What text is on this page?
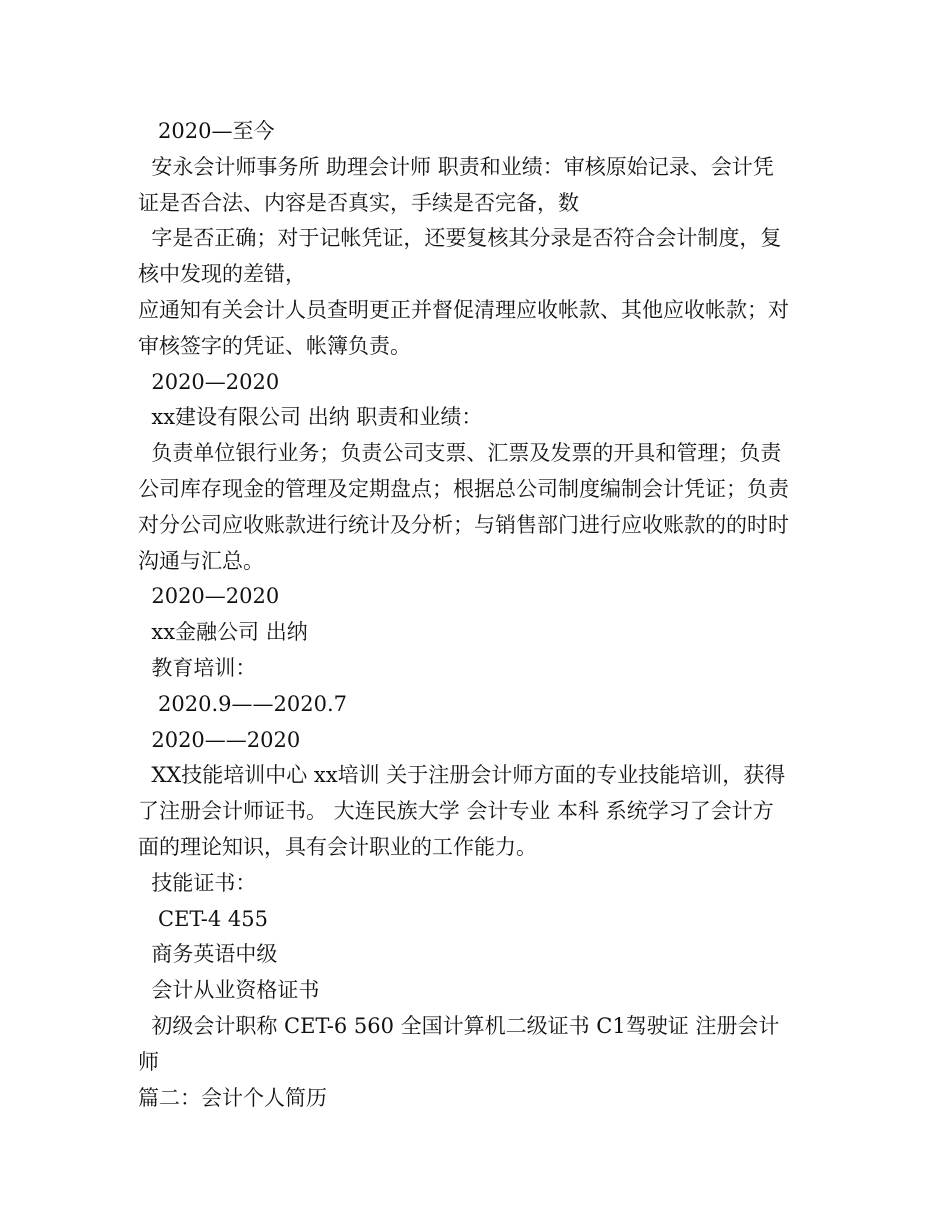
2020—至今
安永会计师事务所 助理会计师 职责和业绩：审核原始记录、会计凭
证是否合法、内容是否真实，手续是否完备，数
字是否正确；对于记帐凭证，还要复核其分录是否符合会计制度，复
核中发现的差错，
应通知有关会计人员查明更正并督促清理应收帐款、其他应收帐款；对
审核签字的凭证、帐簿负责。
2020—2020
xx建设有限公司 出纳 职责和业绩：
负责单位银行业务；负责公司支票、汇票及发票的开具和管理；负责
公司库存现金的管理及定期盘点；根据总公司制度编制会计凭证；负责
对分公司应收账款进行统计及分析；与销售部门进行应收账款的的时时
沟通与汇总。
2020—2020
xx金融公司 出纳
教育培训：
2020.9——2020.7
2020——2020
XX技能培训中心 xx培训 关于注册会计师方面的专业技能培训，获得
了注册会计师证书。 大连民族大学 会计专业 本科 系统学习了会计方
面的理论知识，具有会计职业的工作能力。
技能证书：
CET-4 455
商务英语中级
会计从业资格证书
初级会计职称 CET-6 560 全国计算机二级证书 C1驾驶证 注册会计
师
篇二：会计个人简历
